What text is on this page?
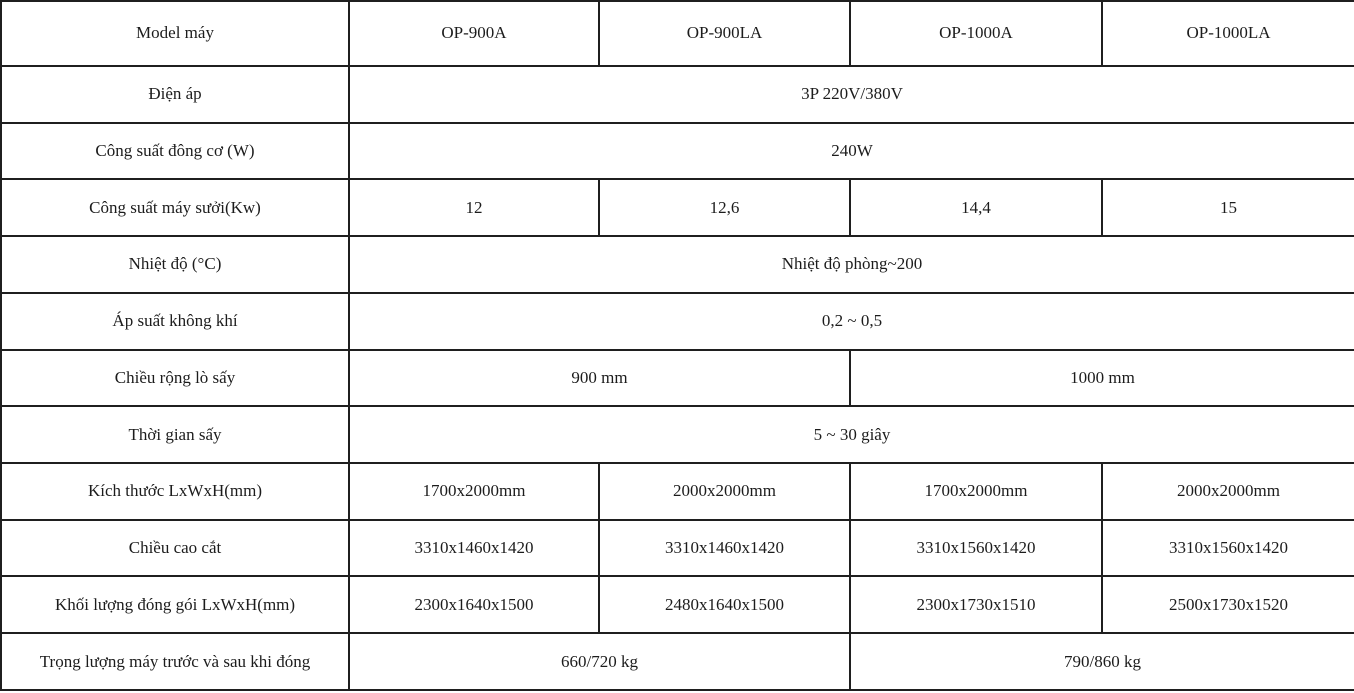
Model máy	OP-900A	OP-900LA	OP-1000A	OP-1000LA
Điện áp	3P 220V/380V			
Công suất đông cơ (W)	240W			
Công suất máy sưởi(Kw)	12	12,6	14,4	15
Nhiệt độ (°C)	Nhiệt độ phòng~200			
Áp suất không khí	0,2 ~ 0,5			
Chiều rộng lò sấy	900 mm		1000 mm	
Thời gian sấy	5 ~ 30 giây			
Kích thước LxWxH(mm)	1700x2000mm	2000x2000mm	1700x2000mm	2000x2000mm
Chiều cao cắt	3310x1460x1420	3310x1460x1420	3310x1560x1420	3310x1560x1420
Khối lượng đóng gói LxWxH(mm)	2300x1640x1500	2480x1640x1500	2300x1730x1510	2500x1730x1520
Trọng lượng máy trước và sau khi đóng	660/720 kg		790/860 kg	
